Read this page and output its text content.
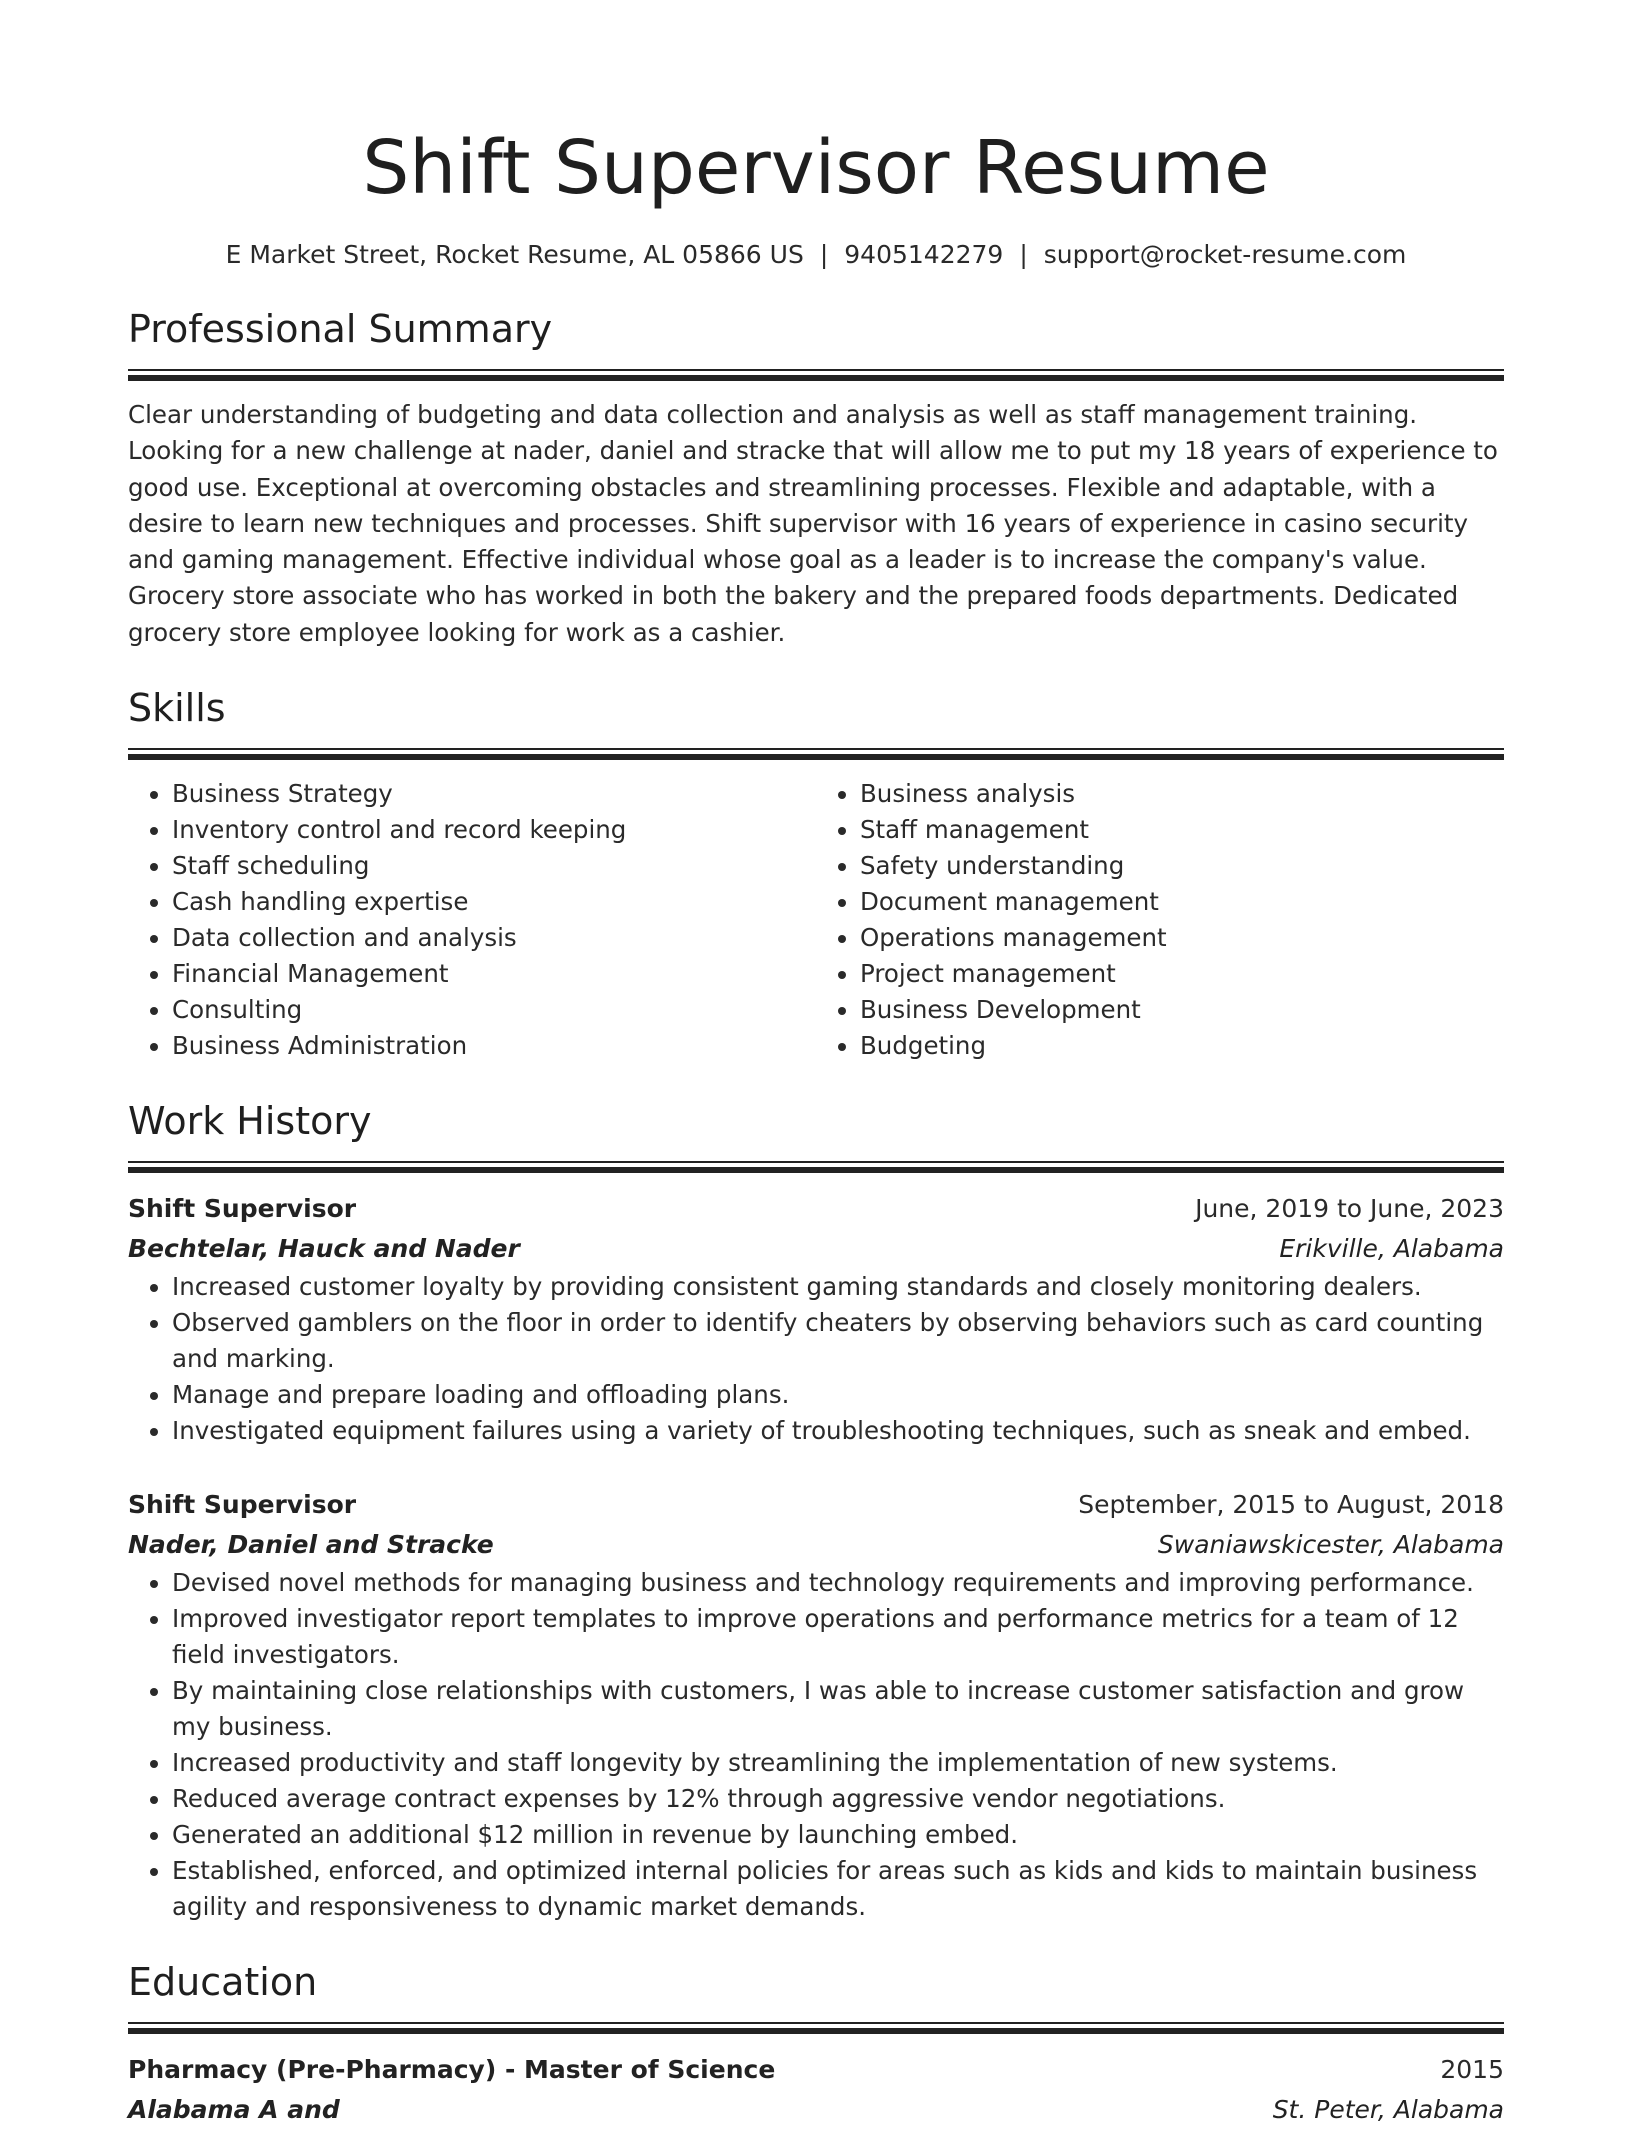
Shift Supervisor Resume
E Market Street, Rocket Resume, AL 05866 US | 9405142279 | support@rocket-resume.com
Professional Summary

Clear understanding of budgeting and data collection and analysis as well as staff management training. Looking for a new challenge at nader, daniel and stracke that will allow me to put my 18 years of experience to good use. Exceptional at overcoming obstacles and streamlining processes. Flexible and adaptable, with a desire to learn new techniques and processes. Shift supervisor with 16 years of experience in casino security and gaming management. Effective individual whose goal as a leader is to increase the company's value. Grocery store associate who has worked in both the bakery and the prepared foods departments. Dedicated grocery store employee looking for work as a cashier.

Skills
• Business Strategy
• Inventory control and record keeping
• Staff scheduling
• Cash handling expertise
• Data collection and analysis
• Financial Management
• Consulting
• Business Administration
• Business analysis
• Staff management
• Safety understanding
• Document management
• Operations management
• Project management
• Business Development
• Budgeting
Work History
Shift Supervisor	June, 2019 to June, 2023
Bechtelar, Hauck and Nader	Erikville, Alabama
• Increased customer loyalty by providing consistent gaming standards and closely monitoring dealers.
• Observed gamblers on the floor in order to identify cheaters by observing behaviors such as card counting and marking.
• Manage and prepare loading and offloading plans.
• Investigated equipment failures using a variety of troubleshooting techniques, such as sneak and embed.
Shift Supervisor	September, 2015 to August, 2018
Nader, Daniel and Stracke	Swaniawskicester, Alabama
• Devised novel methods for managing business and technology requirements and improving performance.
• Improved investigator report templates to improve operations and performance metrics for a team of 12 field investigators.
• By maintaining close relationships with customers, I was able to increase customer satisfaction and grow my business.
• Increased productivity and staff longevity by streamlining the implementation of new systems.
• Reduced average contract expenses by 12% through aggressive vendor negotiations.
• Generated an additional $12 million in revenue by launching embed.
• Established, enforced, and optimized internal policies for areas such as kids and kids to maintain business agility and responsiveness to dynamic market demands.
Education
Pharmacy (Pre-Pharmacy) - Master of Science	2015
Alabama A and	St. Peter, Alabama
